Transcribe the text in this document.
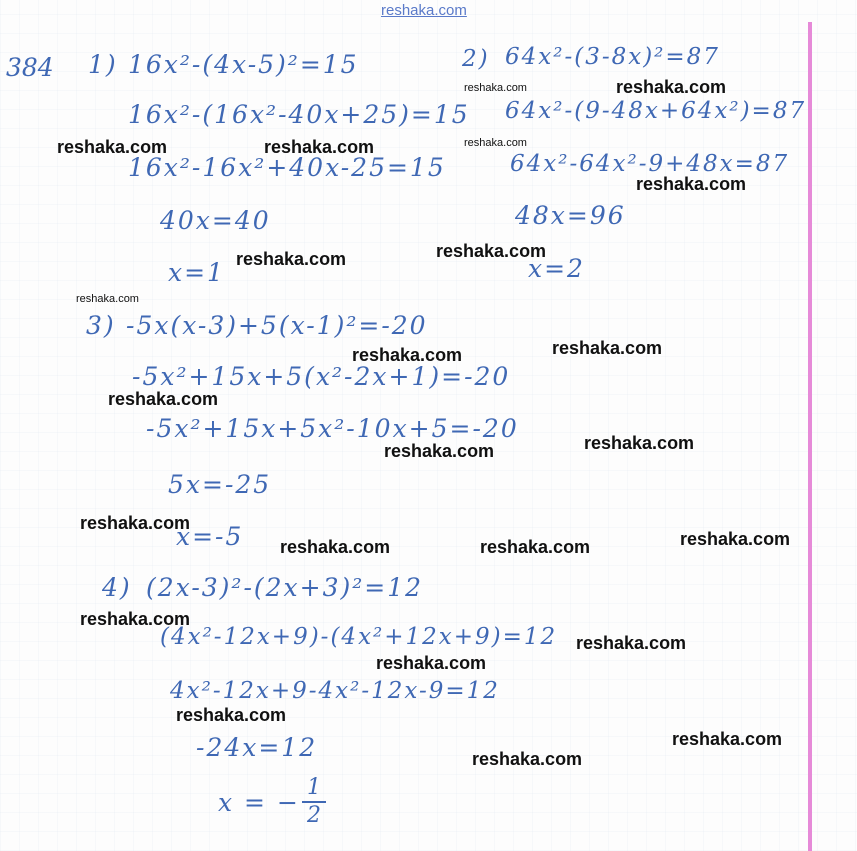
reshaka.com
384 1) 16x²-(4x-5)²=15
16x²-(16x²-40x+25)=15
16x²-16x²+40x-25=15
40x=40
x=1
2) 64x²-(3-8x)²=87
64x²-(9-48x+64x²)=87
64x²-64x²-9+48x=87
48x=96
x=2
3) -5x(x-3)+5(x-1)²=-20
-5x²+15x+5(x²-2x+1)=-20
-5x²+15x+5x²-10x+5=-20
5x=-25
x=-5
4) (2x-3)²-(2x+3)²=12
(4x²-12x+9)-(4x²+12x+9)=12
4x²-12x+9-4x²-12x-9=12
-24x=12
x = −
1
2
reshaka.com	reshaka.com
reshaka.com
reshaka.com	reshaka.com
reshaka.com
reshaka.com
reshaka.com
reshaka.com
reshaka.com	reshaka.com
reshaka.com
reshaka.com
reshaka.com
reshaka.com
reshaka.com	reshaka.com	reshaka.com
reshaka.com
reshaka.com
reshaka.com
reshaka.com
reshaka.com
reshaka.com
